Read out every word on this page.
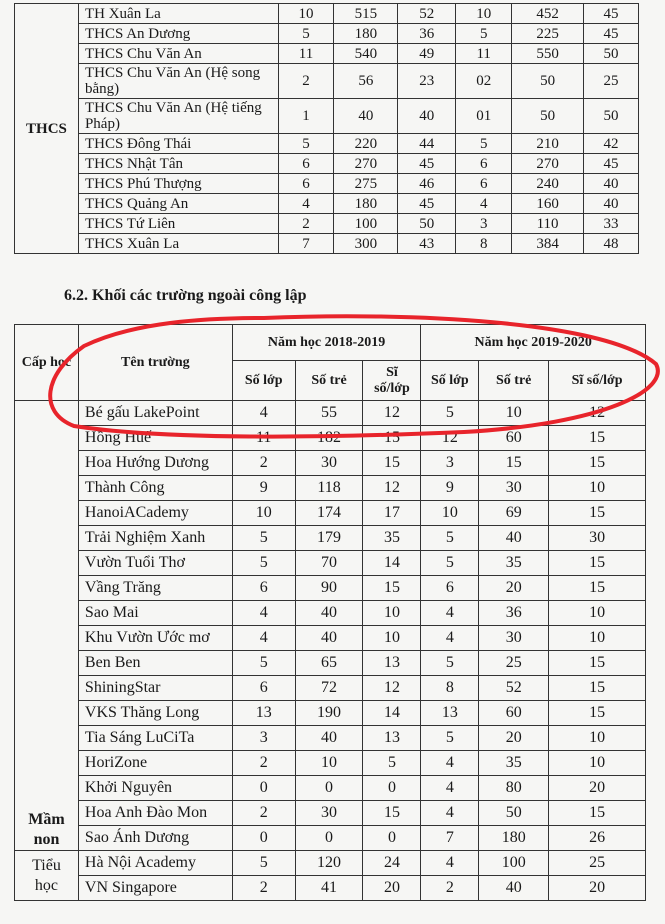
THCS	TH Xuân La	10	515	52	10	452	45
	THCS An Dương	5	180	36	5	225	45
	THCS Chu Văn An	11	540	49	11	550	50
	THCS Chu Văn An (Hệ song bằng)	2	56	23	02	50	25
	THCS Chu Văn An (Hệ tiếng Pháp)	1	40	40	01	50	50
	THCS Đông Thái	5	220	44	5	210	42
	THCS Nhật Tân	6	270	45	6	270	45
	THCS Phú Thượng	6	275	46	6	240	40
	THCS Quảng An	4	180	45	4	160	40
	THCS Tứ Liên	2	100	50	3	110	33
	THCS Xuân La	7	300	43	8	384	48
6.2. Khối các trường ngoài công lập
Cấp học	Tên trường	Năm học 2018-2019			Năm học 2019-2020		
		Số lớp	Số trẻ	Sĩ số/lớp	Số lớp	Số trẻ	Sĩ số/lớp
Mầm non	Bé gấu LakePoint	4	55	12	5	10	12
	Hồng Huế	11	182	15	12	60	15
	Hoa Hướng Dương	2	30	15	3	15	15
	Thành Công	9	118	12	9	30	10
	HanoiACademy	10	174	17	10	69	15
	Trải Nghiệm Xanh	5	179	35	5	40	30
	Vườn Tuổi Thơ	5	70	14	5	35	15
	Vầng Trăng	6	90	15	6	20	15
	Sao Mai	4	40	10	4	36	10
	Khu Vườn Ước mơ	4	40	10	4	30	10
	Ben Ben	5	65	13	5	25	15
	ShiningStar	6	72	12	8	52	15
	VKS Thăng Long	13	190	14	13	60	15
	Tia Sáng LuCiTa	3	40	13	5	20	10
	HoriZone	2	10	5	4	35	10
	Khởi Nguyên	0	0	0	4	80	20
	Hoa Anh Đào Mon	2	30	15	4	50	15
	Sao Ánh Dương	0	0	0	7	180	26
Tiểu học	Hà Nội Academy	5	120	24	4	100	25
	VN Singapore	2	41	20	2	40	20
